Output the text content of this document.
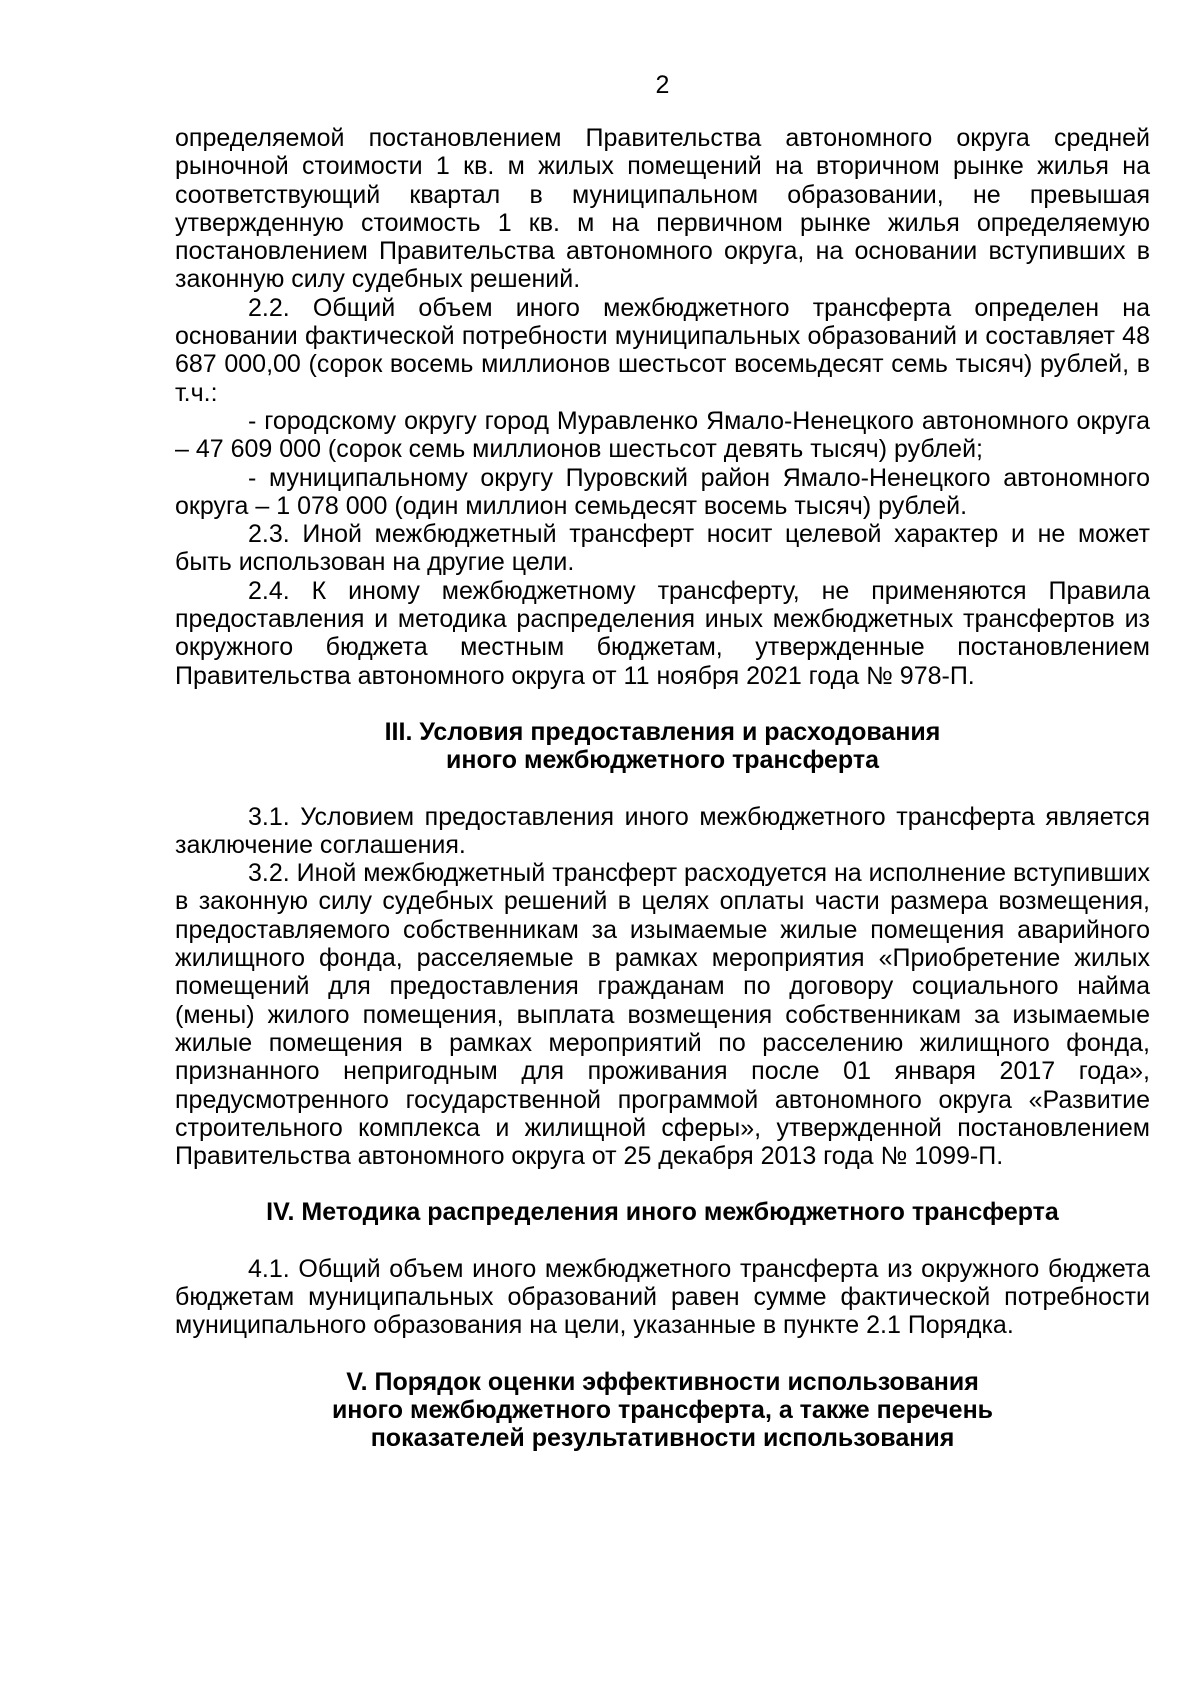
2

определяемой постановлением Правительства автономного округа средней рыночной стоимости 1 кв. м жилых помещений на вторичном рынке жилья на соответствующий квартал в муниципальном образовании, не превышая утвержденную стоимость 1 кв. м на первичном рынке жилья определяемую постановлением Правительства автономного округа, на основании вступивших в законную силу судебных решений.

2.2. Общий объем иного межбюджетного трансферта определен на основании фактической потребности муниципальных образований и составляет 48 687 000,00 (сорок восемь миллионов шестьсот восемьдесят семь тысяч) рублей, в т.ч.:

- городскому округу город Муравленко Ямало-Ненецкого автономного округа – 47 609 000 (сорок семь миллионов шестьсот девять тысяч) рублей;

- муниципальному округу Пуровский район Ямало-Ненецкого автономного округа – 1 078 000 (один миллион семьдесят восемь тысяч) рублей.

2.3. Иной межбюджетный трансферт носит целевой характер и не может быть использован на другие цели.

2.4. К иному межбюджетному трансферту, не применяются Правила предоставления и методика распределения иных межбюджетных трансфертов из окружного бюджета местным бюджетам, утвержденные постановлением Правительства автономного округа от 11 ноября 2021 года № 978-П.

III. Условия предоставления и расходования
иного межбюджетного трансферта

3.1. Условием предоставления иного межбюджетного трансферта является заключение соглашения.

3.2. Иной межбюджетный трансферт расходуется на исполнение вступивших в законную силу судебных решений в целях оплаты части размера возмещения, предоставляемого собственникам за изымаемые жилые помещения аварийного жилищного фонда, расселяемые в рамках мероприятия «Приобретение жилых помещений для предоставления гражданам по договору социального найма (мены) жилого помещения, выплата возмещения собственникам за изымаемые жилые помещения в рамках мероприятий по расселению жилищного фонда, признанного непригодным для проживания после 01 января 2017 года», предусмотренного государственной программой автономного округа «Развитие строительного комплекса и жилищной сферы», утвержденной постановлением Правительства автономного округа от 25 декабря 2013 года № 1099-П.

IV. Методика распределения иного межбюджетного трансферта

4.1. Общий объем иного межбюджетного трансферта из окружного бюджета бюджетам муниципальных образований равен сумме фактической потребности муниципального образования на цели, указанные в пункте 2.1 Порядка.

V. Порядок оценки эффективности использования
иного межбюджетного трансферта, а также перечень
показателей результативности использования
